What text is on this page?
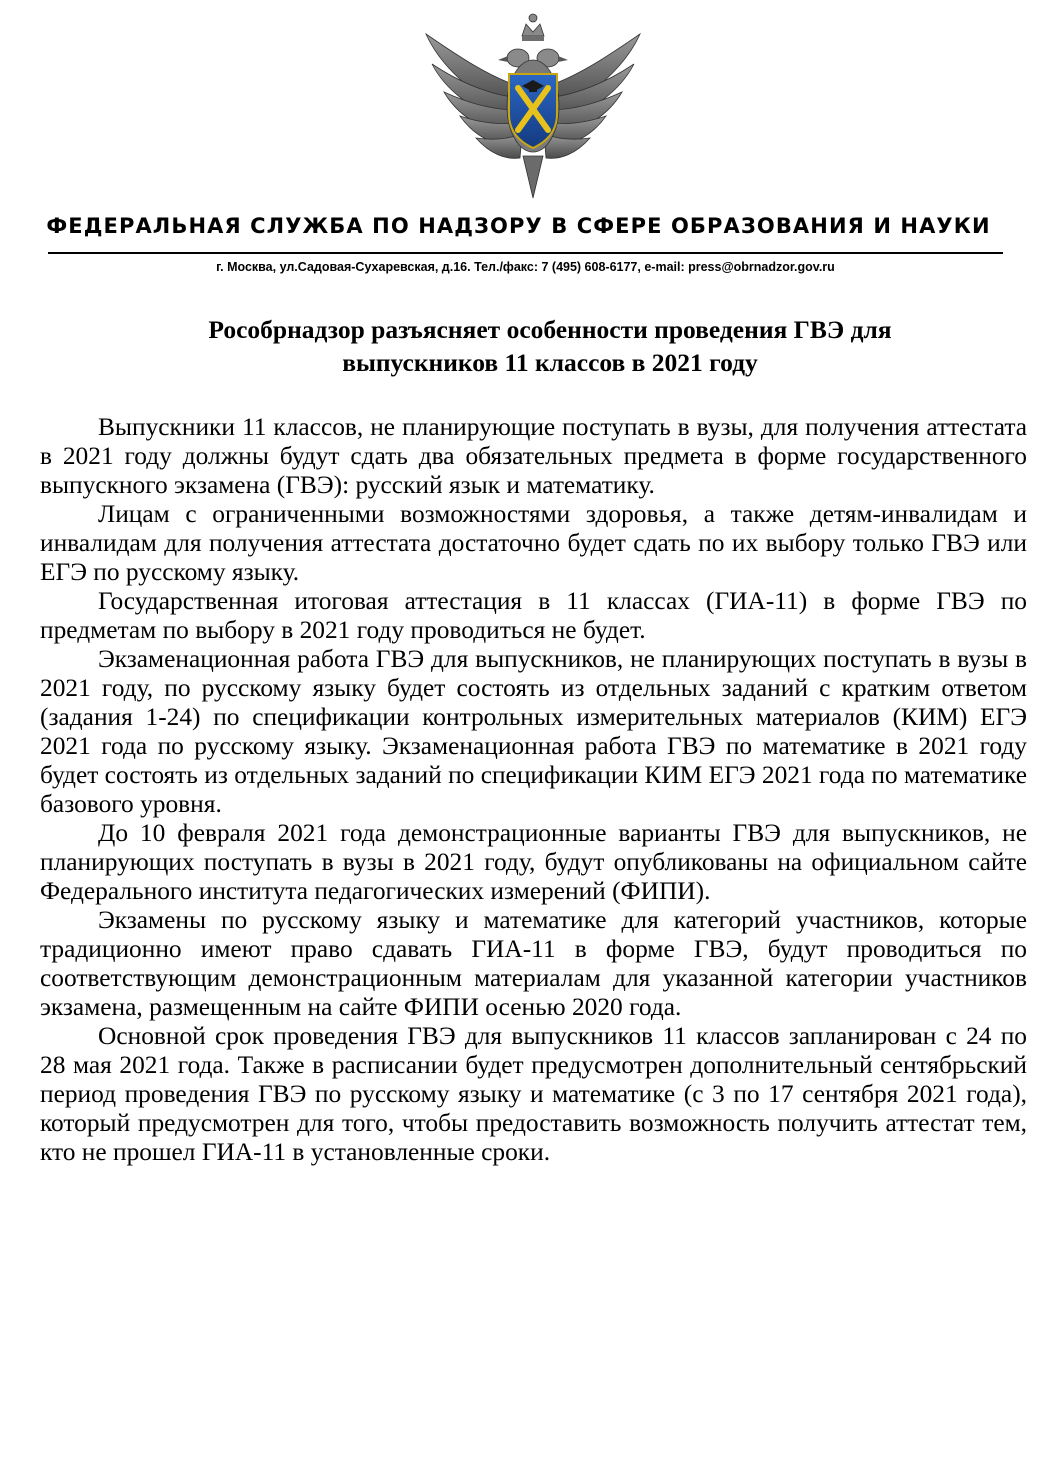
ФЕДЕРАЛЬНАЯ СЛУЖБА ПО НАДЗОРУ В СФЕРЕ ОБРАЗОВАНИЯ И НАУКИ
г. Москва, ул.Садовая-Сухаревская, д.16. Тел./факс: 7 (495) 608-6177, e-mail: press@obrnadzor.gov.ru
Рособрнадзор разъясняет особенности проведения ГВЭ для
выпускников 11 классов в 2021 году

Выпускники 11 классов, не планирующие поступать в вузы, для получения аттестата в 2021 году должны будут сдать два обязательных предмета в форме государственного выпускного экзамена (ГВЭ): русский язык и математику.

Лицам с ограниченными возможностями здоровья, а также детям-инвалидам и инвалидам для получения аттестата достаточно будет сдать по их выбору только ГВЭ или ЕГЭ по русскому языку.

Государственная итоговая аттестация в 11 классах (ГИА-11) в форме ГВЭ по предметам по выбору в 2021 году проводиться не будет.

Экзаменационная работа ГВЭ для выпускников, не планирующих поступать в вузы в 2021 году, по русскому языку будет состоять из отдельных заданий с кратким ответом (задания 1-24) по спецификации контрольных измерительных материалов (КИМ) ЕГЭ 2021 года по русскому языку. Экзаменационная работа ГВЭ по математике в 2021 году будет состоять из отдельных заданий по спецификации КИМ ЕГЭ 2021 года по математике базового уровня.

До 10 февраля 2021 года демонстрационные варианты ГВЭ для выпускников, не планирующих поступать в вузы в 2021 году, будут опубликованы на официальном сайте Федерального института педагогических измерений (ФИПИ).

Экзамены по русскому языку и математике для категорий участников, которые традиционно имеют право сдавать ГИА-11 в форме ГВЭ, будут проводиться по соответствующим демонстрационным материалам для указанной категории участников экзамена, размещенным на сайте ФИПИ осенью 2020 года.

Основной срок проведения ГВЭ для выпускников 11 классов запланирован с 24 по 28 мая 2021 года. Также в расписании будет предусмотрен дополнительный сентябрьский период проведения ГВЭ по русскому языку и математике (с 3 по 17 сентября 2021 года), который предусмотрен для того, чтобы предоставить возможность получить аттестат тем, кто не прошел ГИА-11 в установленные сроки.
